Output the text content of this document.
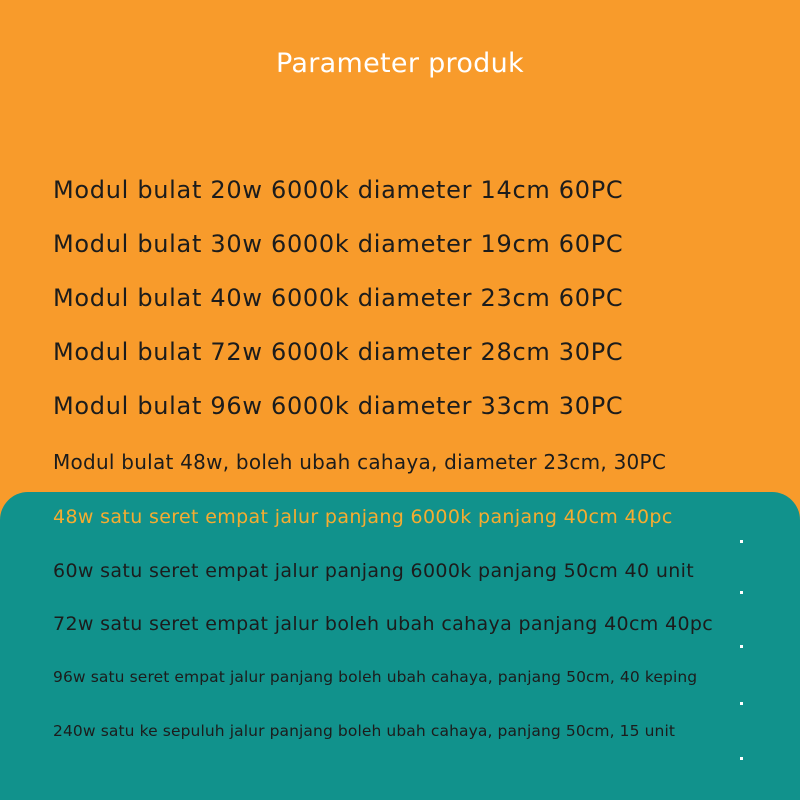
Parameter produk
Modul bulat 20w 6000k diameter 14cm 60PC
Modul bulat 30w 6000k diameter 19cm 60PC
Modul bulat 40w 6000k diameter 23cm 60PC
Modul bulat 72w 6000k diameter 28cm 30PC
Modul bulat 96w 6000k diameter 33cm 30PC
Modul bulat 48w, boleh ubah cahaya, diameter 23cm, 30PC
48w satu seret empat jalur panjang 6000k panjang 40cm 40pc
60w satu seret empat jalur panjang 6000k panjang 50cm 40 unit
72w satu seret empat jalur boleh ubah cahaya panjang 40cm 40pc
96w satu seret empat jalur panjang boleh ubah cahaya, panjang 50cm, 40 keping
240w satu ke sepuluh jalur panjang boleh ubah cahaya, panjang 50cm, 15 unit
